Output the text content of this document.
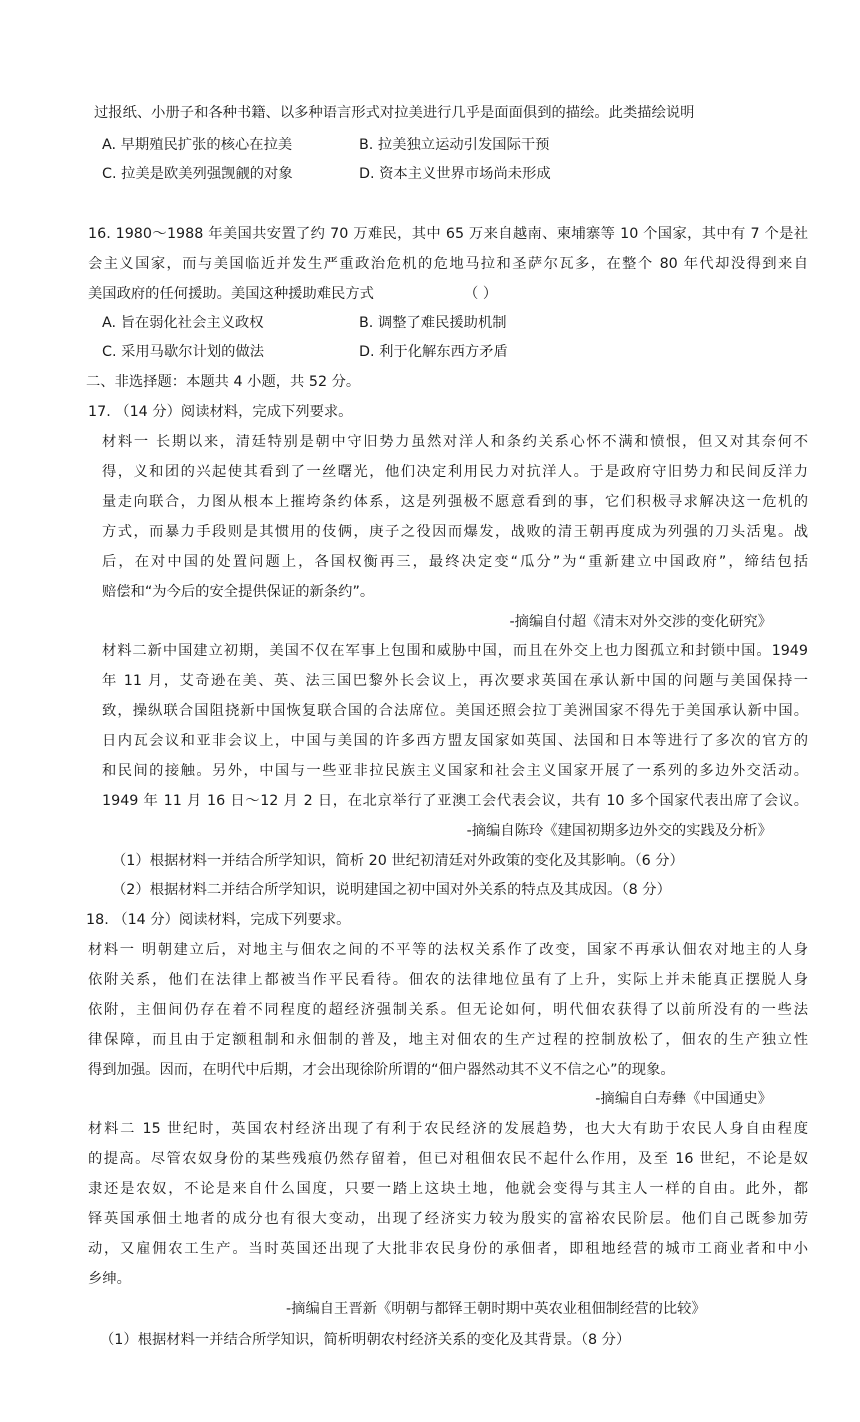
过报纸、小册子和各种书籍、以多种语言形式对拉美进行几乎是面面俱到的描绘。此类描绘说明
A. 早期殖民扩张的核心在拉美	B. 拉美独立运动引发国际干预
C. 拉美是欧美列强觊觎的对象	D. 资本主义世界市场尚未形成
16. 1980～1988 年美国共安置了约 70 万难民，其中 65 万来自越南、柬埔寨等 10 个国家，其中有 7 个是社
会主义国家，而与美国临近并发生严重政治危机的危地马拉和圣萨尔瓦多，在整个 80 年代却没得到来自
美国政府的任何援助。美国这种援助难民方式	（ ）
A. 旨在弱化社会主义政权	B. 调整了难民援助机制
C. 采用马歇尔计划的做法	D. 利于化解东西方矛盾
二、非选择题：本题共 4 小题，共 52 分。
17. （14 分）阅读材料，完成下列要求。
材料一 长期以来，清廷特别是朝中守旧势力虽然对洋人和条约关系心怀不满和愤恨，但又对其奈何不
得，义和团的兴起使其看到了一丝曙光，他们决定利用民力对抗洋人。于是政府守旧势力和民间反洋力
量走向联合，力图从根本上摧垮条约体系，这是列强极不愿意看到的事，它们积极寻求解决这一危机的
方式，而暴力手段则是其惯用的伎俩，庚子之役因而爆发，战败的清王朝再度成为列强的刀头活鬼。战
后，在对中国的处置问题上，各国权衡再三，最终决定变“瓜分”为“重新建立中国政府”，缔结包括
赔偿和“为今后的安全提供保证的新条约”。
-摘编自付超《清末对外交涉的变化研究》
材料二新中国建立初期，美国不仅在军事上包围和威胁中国，而且在外交上也力图孤立和封锁中国。1949
年 11 月，艾奇逊在美、英、法三国巴黎外长会议上，再次要求英国在承认新中国的问题与美国保持一
致，操纵联合国阻挠新中国恢复联合国的合法席位。美国还照会拉丁美洲国家不得先于美国承认新中国。
日内瓦会议和亚非会议上，中国与美国的许多西方盟友国家如英国、法国和日本等进行了多次的官方的
和民间的接触。另外，中国与一些亚非拉民族主义国家和社会主义国家开展了一系列的多边外交活动。
1949 年 11 月 16 日～12 月 2 日，在北京举行了亚澳工会代表会议，共有 10 多个国家代表出席了会议。
-摘编自陈玲《建国初期多边外交的实践及分析》
（1）根据材料一并结合所学知识，简析 20 世纪初清廷对外政策的变化及其影响。（6 分）
（2）根据材料二并结合所学知识，说明建国之初中国对外关系的特点及其成因。（8 分）
18. （14 分）阅读材料，完成下列要求。
材料一 明朝建立后，对地主与佃农之间的不平等的法权关系作了改变，国家不再承认佃农对地主的人身
依附关系，他们在法律上都被当作平民看待。佃农的法律地位虽有了上升，实际上并未能真正摆脱人身
依附，主佃间仍存在着不同程度的超经济强制关系。但无论如何，明代佃农获得了以前所没有的一些法
律保障，而且由于定额租制和永佃制的普及，地主对佃农的生产过程的控制放松了，佃农的生产独立性
得到加强。因而，在明代中后期，才会出现徐阶所谓的“佃户器然动其不义不信之心”的现象。
-摘编自白寿彝《中国通史》
材料二 15 世纪时，英国农村经济出现了有利于农民经济的发展趋势，也大大有助于农民人身自由程度
的提高。尽管农奴身份的某些残痕仍然存留着，但已对租佃农民不起什么作用，及至 16 世纪，不论是奴
隶还是农奴，不论是来自什么国度，只要一踏上这块土地，他就会变得与其主人一样的自由。此外，都
铎英国承佃土地者的成分也有很大变动，出现了经济实力较为殷实的富裕农民阶层。他们自己既参加劳
动，又雇佣农工生产。当时英国还出现了大批非农民身份的承佃者，即租地经营的城市工商业者和中小
乡绅。
-摘编自王晋新《明朝与都铎王朝时期中英农业租佃制经营的比较》
（1）根据材料一并结合所学知识，简析明朝农村经济关系的变化及其背景。（8 分）
